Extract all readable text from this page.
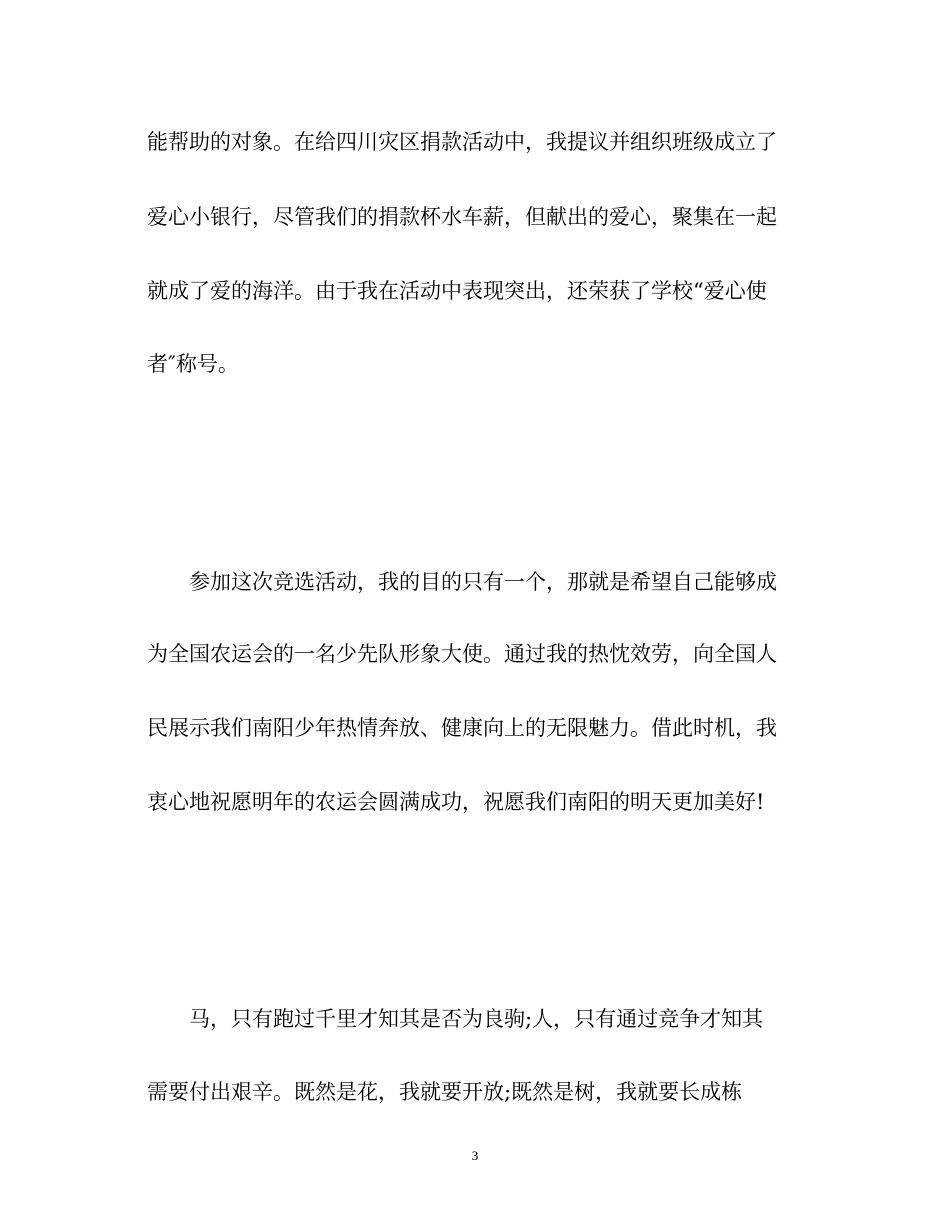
能帮助的对象。在给四川灾区捐款活动中，我提议并组织班级成立了
爱心小银行，尽管我们的捐款杯水车薪，但献出的爱心，聚集在一起
就成了爱的海洋。由于我在活动中表现突出，还荣获了学校“爱心使
者″称号。
参加这次竞选活动，我的目的只有一个，那就是希望自己能够成
为全国农运会的一名少先队形象大使。通过我的热忱效劳，向全国人
民展示我们南阳少年热情奔放、健康向上的无限魅力。借此时机，我
衷心地祝愿明年的农运会圆满成功，祝愿我们南阳的明天更加美好!
马，只有跑过千里才知其是否为良驹;人，只有通过竞争才知其
需要付出艰辛。既然是花，我就要开放;既然是树，我就要长成栋
3
